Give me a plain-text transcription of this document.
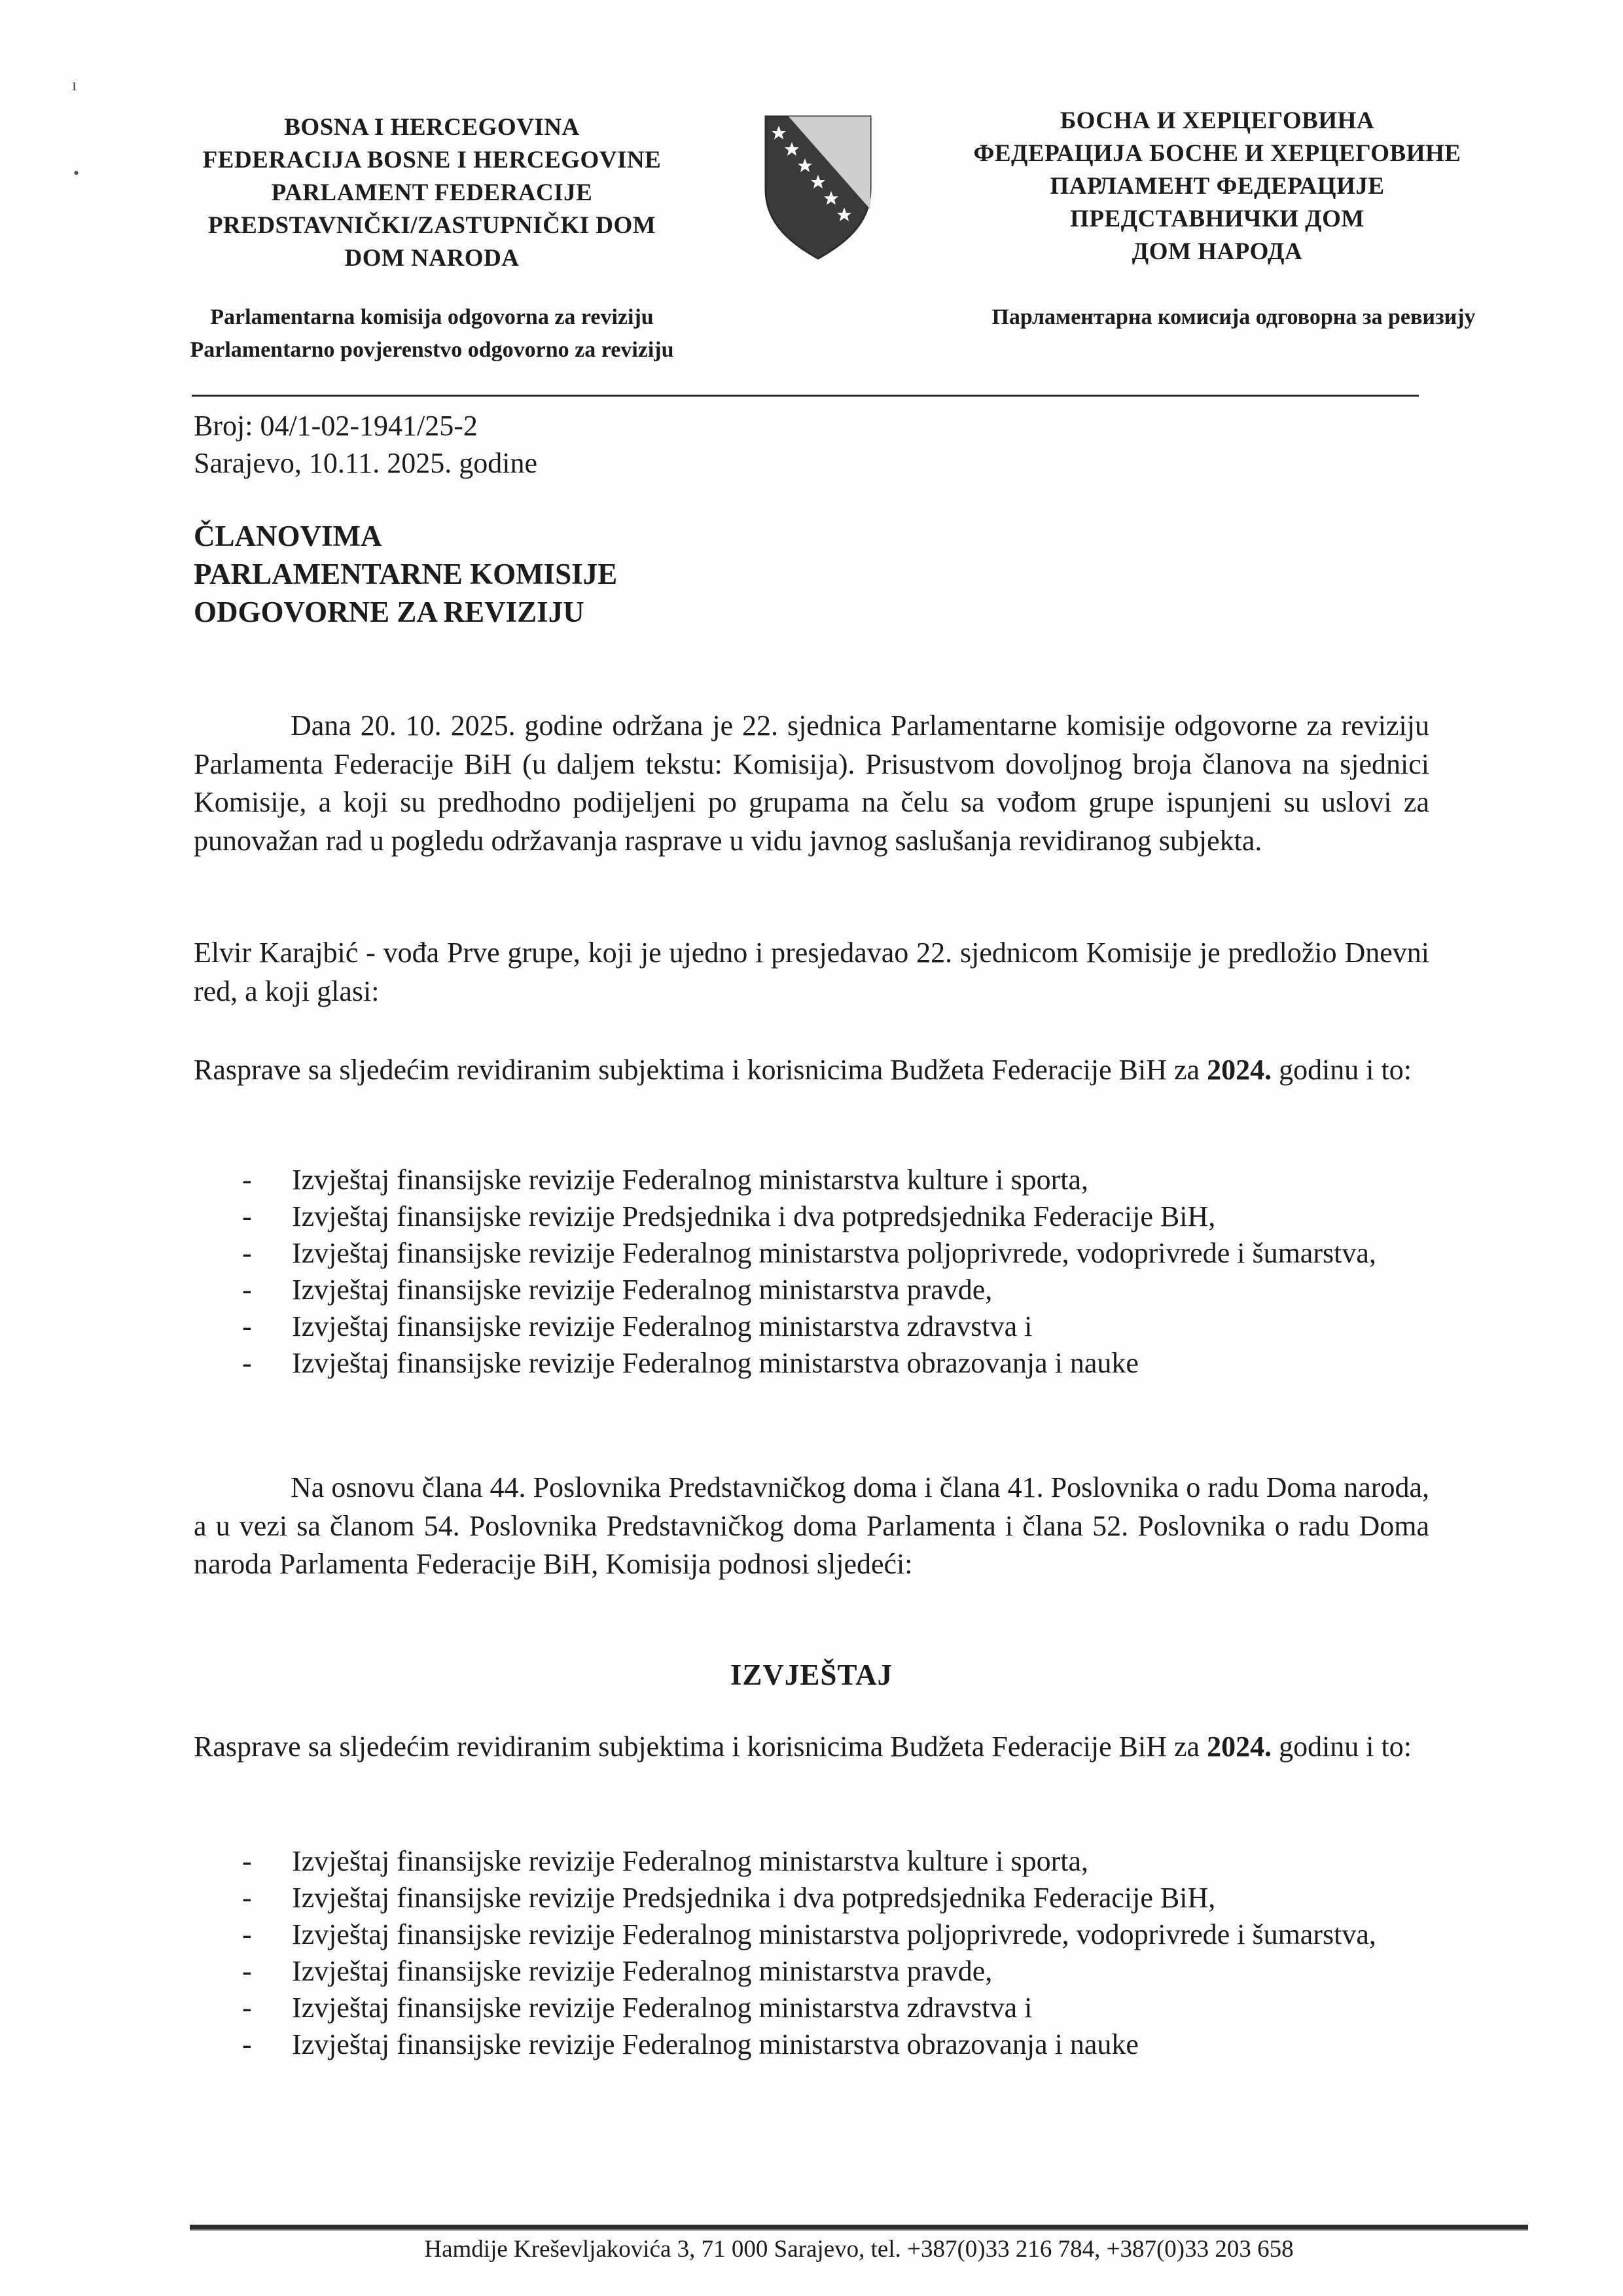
ı
•
BOSNA I HERCEGOVINA
FEDERACIJA BOSNE I HERCEGOVINE
PARLAMENT FEDERACIJE
PREDSTAVNIČKI/ZASTUPNIČKI DOM
DOM NARODA
БОСНА И ХЕРЦЕГОВИНА
ФЕДЕРАЦИЈА БОСНЕ И ХЕРЦЕГОВИНЕ
ПАРЛАМЕНТ ФЕДЕРАЦИЈЕ
ПРЕДСТАВНИЧКИ ДОМ
ДОМ НАРОДА
Parlamentarna komisija odgovorna za reviziju
Parlamentarno povjerenstvo odgovorno za reviziju
Парламентарна комисија одговорна за ревизију
Broj: 04/1-02-1941/25-2
Sarajevo, 10.11. 2025. godine
ČLANOVIMA
PARLAMENTARNE KOMISIJE
ODGOVORNE ZA REVIZIJU
Dana 20. 10. 2025. godine održana je 22. sjednica Parlamentarne komisije odgovorne za reviziju Parlamenta Federacije BiH (u daljem tekstu: Komisija). Prisustvom dovoljnog broja članova na sjednici Komisije, a koji su predhodno podijeljeni po grupama na čelu sa vođom grupe ispunjeni su uslovi za punovažan rad u pogledu održavanja rasprave u vidu javnog saslušanja revidiranog subjekta.
Elvir Karajbić - vođa Prve grupe, koji je ujedno i presjedavao 22. sjednicom Komisije je predložio Dnevni red, a koji glasi:
Rasprave sa sljedećim revidiranim subjektima i korisnicima Budžeta Federacije BiH za 2024. godinu i to:
- Izvještaj finansijske revizije Federalnog ministarstva kulture i sporta,
- Izvještaj finansijske revizije Predsjednika i dva potpredsjednika Federacije BiH,
- Izvještaj finansijske revizije Federalnog ministarstva poljoprivrede, vodoprivrede i šumarstva,
- Izvještaj finansijske revizije Federalnog ministarstva pravde,
- Izvještaj finansijske revizije Federalnog ministarstva zdravstva i
- Izvještaj finansijske revizije Federalnog ministarstva obrazovanja i nauke
Na osnovu člana 44. Poslovnika Predstavničkog doma i člana 41. Poslovnika o radu Doma naroda, a u vezi sa članom 54. Poslovnika Predstavničkog doma Parlamenta i člana 52. Poslovnika o radu Doma naroda Parlamenta Federacije BiH, Komisija podnosi sljedeći:
IZVJEŠTAJ
Rasprave sa sljedećim revidiranim subjektima i korisnicima Budžeta Federacije BiH za 2024. godinu i to:
- Izvještaj finansijske revizije Federalnog ministarstva kulture i sporta,
- Izvještaj finansijske revizije Predsjednika i dva potpredsjednika Federacije BiH,
- Izvještaj finansijske revizije Federalnog ministarstva poljoprivrede, vodoprivrede i šumarstva,
- Izvještaj finansijske revizije Federalnog ministarstva pravde,
- Izvještaj finansijske revizije Federalnog ministarstva zdravstva i
- Izvještaj finansijske revizije Federalnog ministarstva obrazovanja i nauke
Hamdije Kreševljakovića 3, 71 000 Sarajevo, tel. +387(0)33 216 784, +387(0)33 203 658
